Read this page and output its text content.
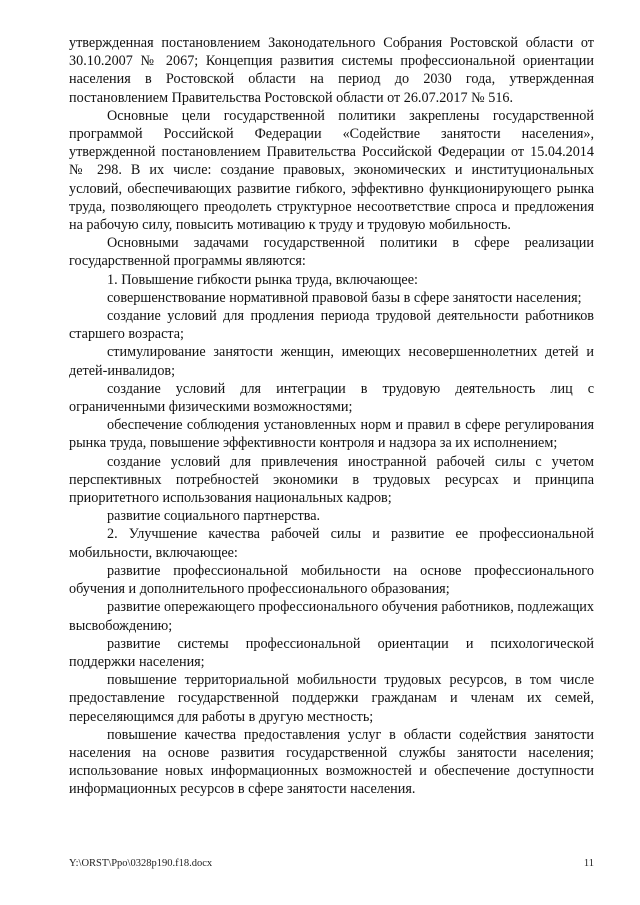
утвержденная постановлением Законодательного Собрания Ростовской области от 30.10.2007 № 2067; Концепция развития системы профессиональной ориентации населения в Ростовской области на период до 2030 года, утвержденная постановлением Правительства Ростовской области от 26.07.2017 № 516.

Основные цели государственной политики закреплены государственной программой Российской Федерации «Содействие занятости населения», утвержденной постановлением Правительства Российской Федерации от 15.04.2014 № 298. В их числе: создание правовых, экономических и институциональных условий, обеспечивающих развитие гибкого, эффективно функционирующего рынка труда, позволяющего преодолеть структурное несоответствие спроса и предложения на рабочую силу, повысить мотивацию к труду и трудовую мобильность.

Основными задачами государственной политики в сфере реализации государственной программы являются:

1. Повышение гибкости рынка труда, включающее:

совершенствование нормативной правовой базы в сфере занятости населения;

создание условий для продления периода трудовой деятельности работников старшего возраста;

стимулирование занятости женщин, имеющих несовершеннолетних детей и детей-инвалидов;

создание условий для интеграции в трудовую деятельность лиц с ограниченными физическими возможностями;

обеспечение соблюдения установленных норм и правил в сфере регулирования рынка труда, повышение эффективности контроля и надзора за их исполнением;

создание условий для привлечения иностранной рабочей силы с учетом перспективных потребностей экономики в трудовых ресурсах и принципа приоритетного использования национальных кадров;

развитие социального партнерства.

2. Улучшение качества рабочей силы и развитие ее профессиональной мобильности, включающее:

развитие профессиональной мобильности на основе профессионального обучения и дополнительного профессионального образования;

развитие опережающего профессионального обучения работников, подлежащих высвобождению;

развитие системы профессиональной ориентации и психологической поддержки населения;

повышение территориальной мобильности трудовых ресурсов, в том числе предоставление государственной поддержки гражданам и членам их семей, переселяющимся для работы в другую местность;

повышение качества предоставления услуг в области содействия занятости населения на основе развития государственной службы занятости населения; использование новых информационных возможностей и обеспечение доступности информационных ресурсов в сфере занятости населения.

Y:\ORST\Ppo\0328p190.f18.docx	11
